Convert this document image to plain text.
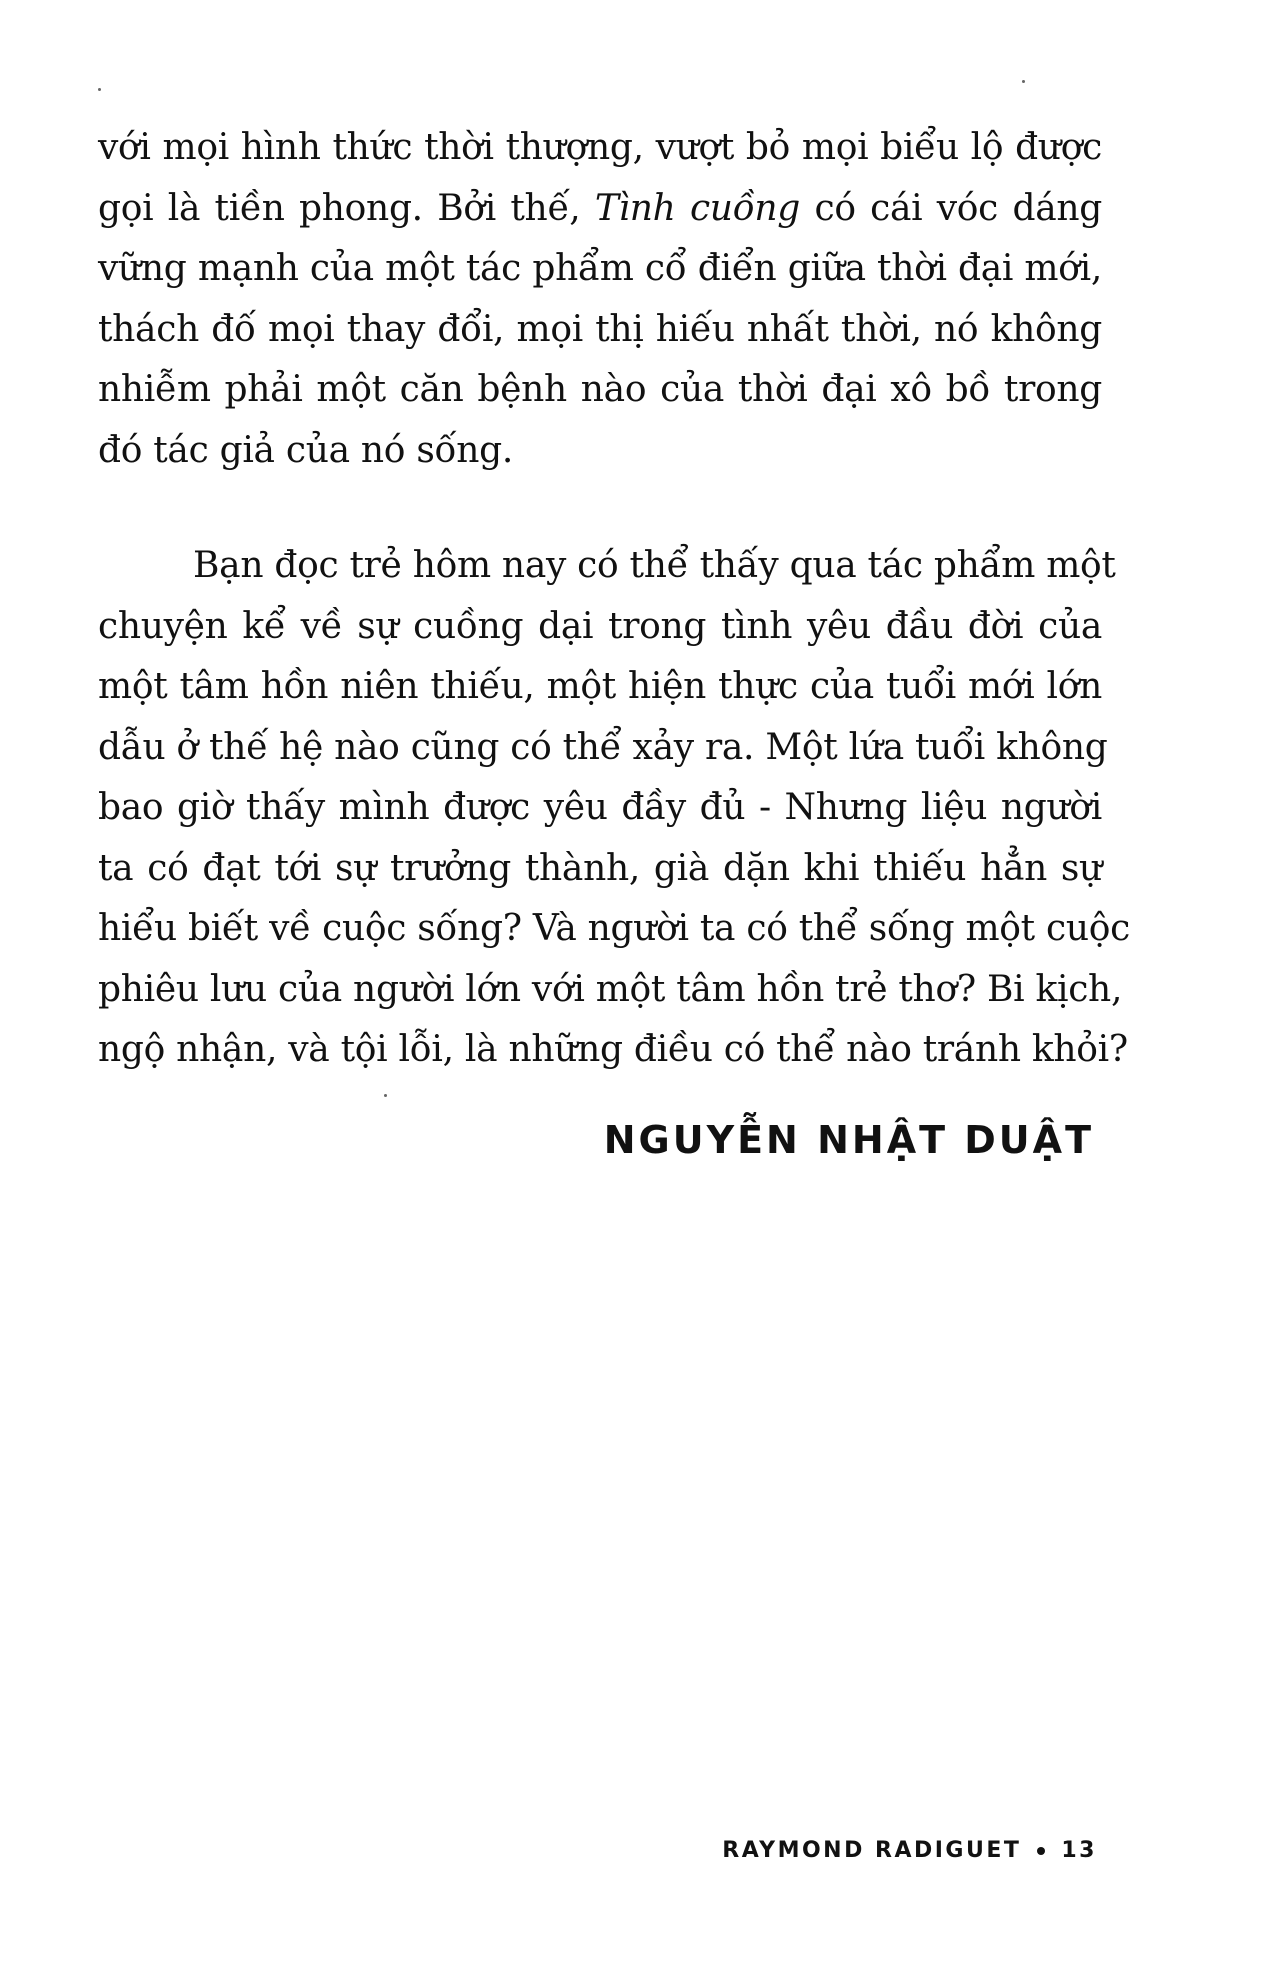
với mọi hình thức thời thượng, vượt bỏ mọi biểu lộ được
gọi là tiền phong. Bởi thế, Tình cuồng có cái vóc dáng
vững mạnh của một tác phẩm cổ điển giữa thời đại mới,
thách đố mọi thay đổi, mọi thị hiếu nhất thời, nó không
nhiễm phải một căn bệnh nào của thời đại xô bồ trong
đó tác giả của nó sống.
Bạn đọc trẻ hôm nay có thể thấy qua tác phẩm một
chuyện kể về sự cuồng dại trong tình yêu đầu đời của
một tâm hồn niên thiếu, một hiện thực của tuổi mới lớn
dẫu ở thế hệ nào cũng có thể xảy ra. Một lứa tuổi không
bao giờ thấy mình được yêu đầy đủ - Nhưng liệu người
ta có đạt tới sự trưởng thành, già dặn khi thiếu hẳn sự
hiểu biết về cuộc sống? Và người ta có thể sống một cuộc
phiêu lưu của người lớn với một tâm hồn trẻ thơ? Bi kịch,
ngộ nhận, và tội lỗi, là những điều có thể nào tránh khỏi?
NGUYỄN NHẬT DUẬT
RAYMOND RADIGUET 13
